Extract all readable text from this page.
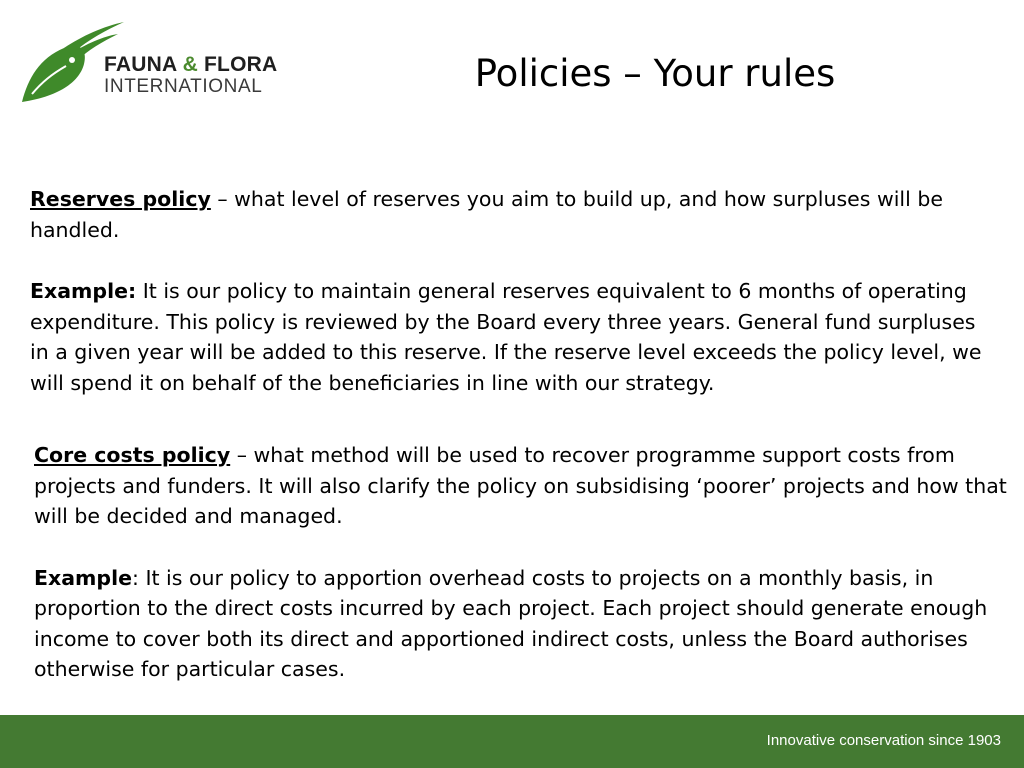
FAUNA & FLORA
INTERNATIONAL	Policies – Your rules

Reserves policy – what level of reserves you aim to build up, and how surpluses will be handled.

Example: It is our policy to maintain general reserves equivalent to 6 months of operating expenditure. This policy is reviewed by the Board every three years. General fund surpluses in a given year will be added to this reserve. If the reserve level exceeds the policy level, we will spend it on behalf of the beneficiaries in line with our strategy.

Core costs policy – what method will be used to recover programme support costs from projects and funders. It will also clarify the policy on subsidising ‘poorer’ projects and how that will be decided and managed.

Example: It is our policy to apportion overhead costs to projects on a monthly basis, in proportion to the direct costs incurred by each project. Each project should generate enough income to cover both its direct and apportioned indirect costs, unless the Board authorises otherwise for particular cases.

Innovative conservation since 1903
